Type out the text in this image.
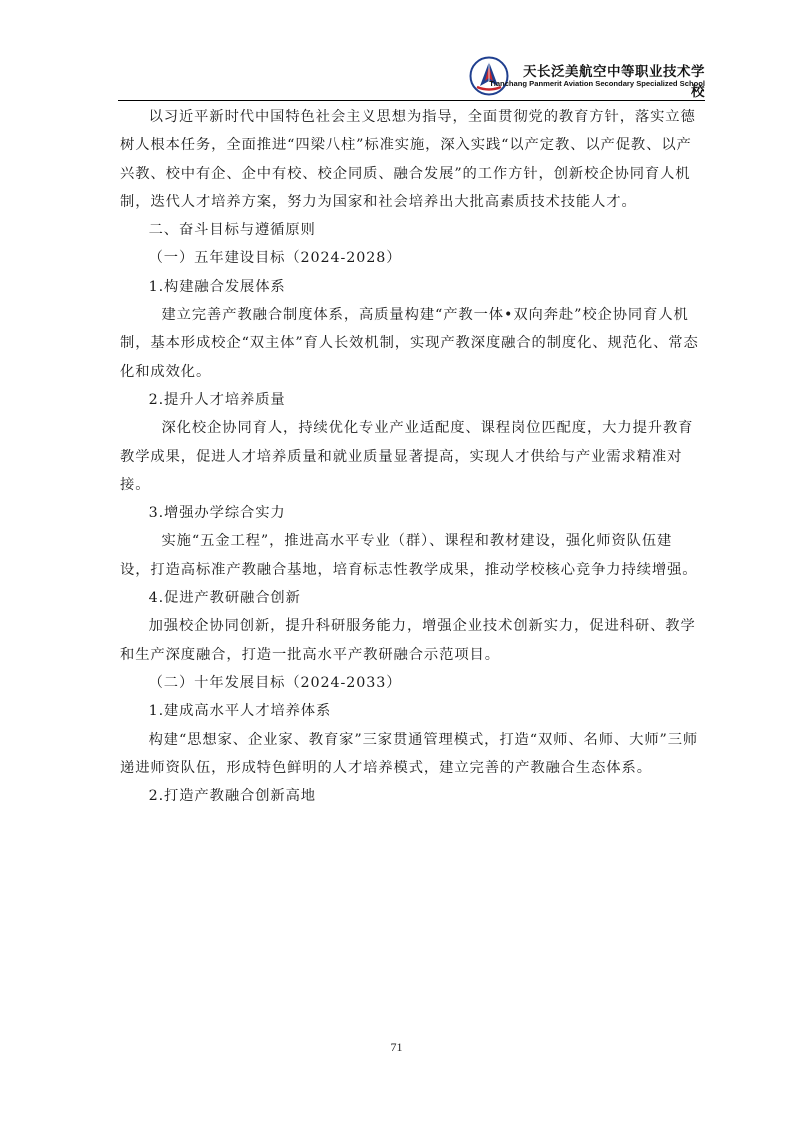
天长泛美航空中等职业技术学校
Tianchang Panmerit Aviation Secondary Specialized School

以习近平新时代中国特色社会主义思想为指导，全面贯彻党的教育方针，落实立德树人根本任务，全面推进“四梁八柱”标准实施，深入实践“以产定教、以产促教、以产兴教、校中有企、企中有校、校企同质、融合发展”的工作方针，创新校企协同育人机制，迭代人才培养方案，努力为国家和社会培养出大批高素质技术技能人才。

二、奋斗目标与遵循原则

（一）五年建设目标（2024-2028）

1.构建融合发展体系

建立完善产教融合制度体系，高质量构建“产教一体•双向奔赴”校企协同育人机制，基本形成校企“双主体”育人长效机制，实现产教深度融合的制度化、规范化、常态化和成效化。

2.提升人才培养质量

深化校企协同育人，持续优化专业产业适配度、课程岗位匹配度，大力提升教育教学成果，促进人才培养质量和就业质量显著提高，实现人才供给与产业需求精准对接。

3.增强办学综合实力

实施“五金工程”，推进高水平专业（群）、课程和教材建设，强化师资队伍建设，打造高标准产教融合基地，培育标志性教学成果，推动学校核心竞争力持续增强。

4.促进产教研融合创新

加强校企协同创新，提升科研服务能力，增强企业技术创新实力，促进科研、教学和生产深度融合，打造一批高水平产教研融合示范项目。

（二）十年发展目标（2024-2033）

1.建成高水平人才培养体系

构建“思想家、企业家、教育家”三家贯通管理模式，打造“双师、名师、大师”三师递进师资队伍，形成特色鲜明的人才培养模式，建立完善的产教融合生态体系。

2.打造产教融合创新高地

71
